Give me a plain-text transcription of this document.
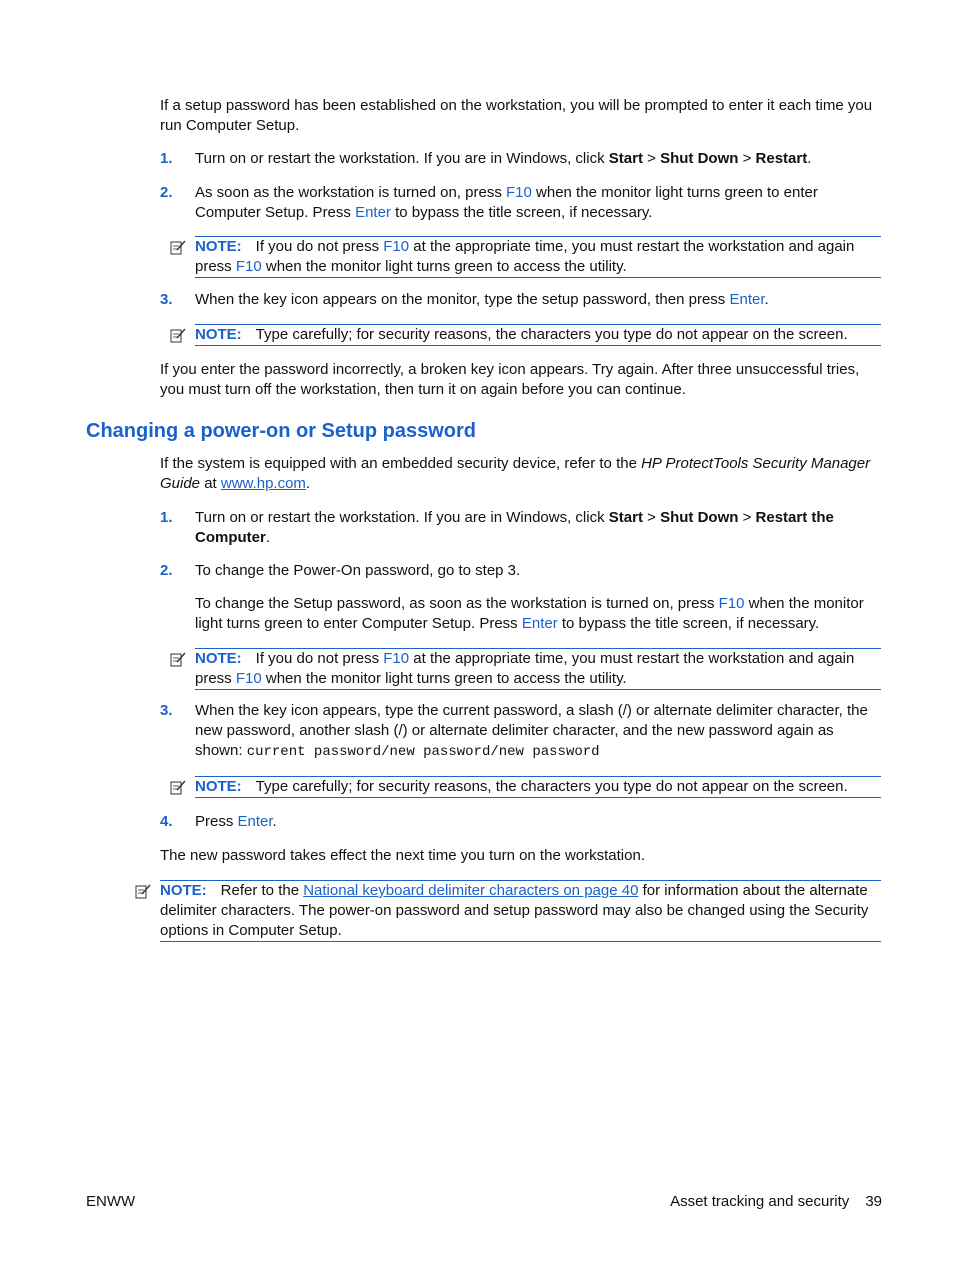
If a setup password has been established on the workstation, you will be prompted to enter it each time you run Computer Setup.
1.	Turn on or restart the workstation. If you are in Windows, click Start > Shut Down > Restart.
2.	As soon as the workstation is turned on, press F10 when the monitor light turns green to enter Computer Setup. Press Enter to bypass the title screen, if necessary.
NOTE: If you do not press F10 at the appropriate time, you must restart the workstation and again press F10 when the monitor light turns green to access the utility.
3.	When the key icon appears on the monitor, type the setup password, then press Enter.
NOTE: Type carefully; for security reasons, the characters you type do not appear on the screen.
If you enter the password incorrectly, a broken key icon appears. Try again. After three unsuccessful tries, you must turn off the workstation, then turn it on again before you can continue.
Changing a power-on or Setup password
If the system is equipped with an embedded security device, refer to the HP ProtectTools Security Manager Guide at www.hp.com.
1.	Turn on or restart the workstation. If you are in Windows, click Start > Shut Down > Restart the Computer.
2.	To change the Power-On password, go to step 3.
To change the Setup password, as soon as the workstation is turned on, press F10 when the monitor light turns green to enter Computer Setup. Press Enter to bypass the title screen, if necessary.
NOTE: If you do not press F10 at the appropriate time, you must restart the workstation and again press F10 when the monitor light turns green to access the utility.
3.	When the key icon appears, type the current password, a slash (/) or alternate delimiter character, the new password, another slash (/) or alternate delimiter character, and the new password again as shown: current password/new password/new password
NOTE: Type carefully; for security reasons, the characters you type do not appear on the screen.
4.	Press Enter.
The new password takes effect the next time you turn on the workstation.
NOTE: Refer to the National keyboard delimiter characters on page 40 for information about the alternate delimiter characters. The power-on password and setup password may also be changed using the Security options in Computer Setup.
ENWW	Asset tracking and security 39
